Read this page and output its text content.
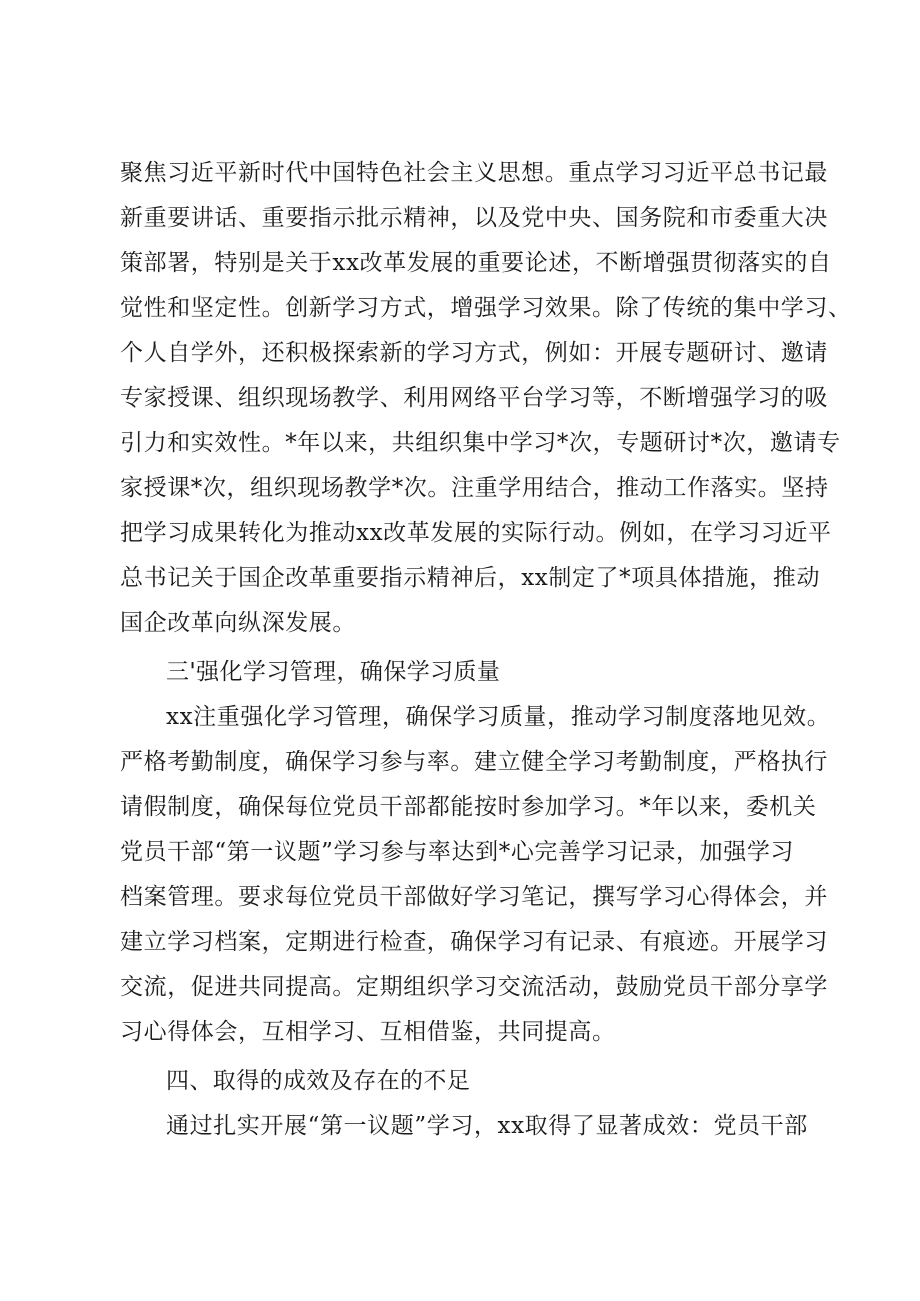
聚焦习近平新时代中国特色社会主义思想。重点学习习近平总书记最
新重要讲话、重要指示批示精神，以及党中央、国务院和市委重大决
策部署，特别是关于xx改革发展的重要论述，不断增强贯彻落实的自
觉性和坚定性。创新学习方式，增强学习效果。除了传统的集中学习、
个人自学外，还积极探索新的学习方式，例如：开展专题研讨、邀请
专家授课、组织现场教学、利用网络平台学习等，不断增强学习的吸
引力和实效性。*年以来，共组织集中学习*次，专题研讨*次，邀请专
家授课*次，组织现场教学*次。注重学用结合，推动工作落实。坚持
把学习成果转化为推动xx改革发展的实际行动。例如，在学习习近平
总书记关于国企改革重要指示精神后，xx制定了*项具体措施，推动
国企改革向纵深发展。
三'强化学习管理，确保学习质量
xx注重强化学习管理，确保学习质量，推动学习制度落地见效。
严格考勤制度，确保学习参与率。建立健全学习考勤制度，严格执行
请假制度，确保每位党员干部都能按时参加学习。*年以来，委机关
党员干部“第一议题”学习参与率达到*心完善学习记录，加强学习
档案管理。要求每位党员干部做好学习笔记，撰写学习心得体会，并
建立学习档案，定期进行检查，确保学习有记录、有痕迹。开展学习
交流，促进共同提高。定期组织学习交流活动，鼓励党员干部分享学
习心得体会，互相学习、互相借鉴，共同提高。
四、取得的成效及存在的不足
通过扎实开展“第一议题”学习，xx取得了显著成效：党员干部
